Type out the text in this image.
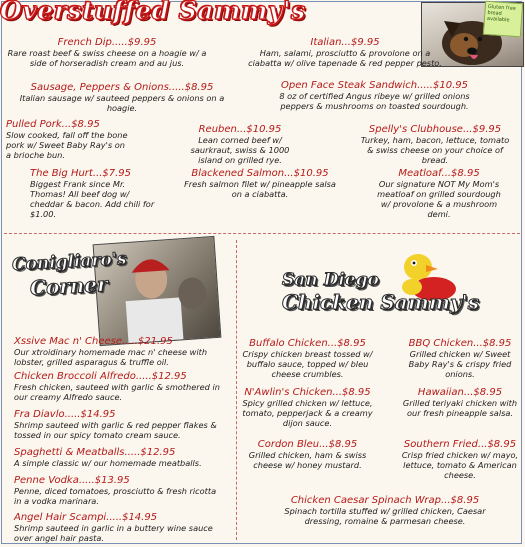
Overstuffed Sammy's	Gluten free bread available
French Dip.....$9.95
Rare roast beef & swiss cheese on a hoagie w/ a side of horseradish cream and au jus.
Italian...$9.95
Ham, salami, prosciutto & provolone on a ciabatta w/ olive tapenade & red pepper pesto.
Sausage, Peppers & Onions.....$8.95
Italian sausage w/ sauteed peppers & onions on a hoagie.
Open Face Steak Sandwich.....$10.95
8 oz of certified Angus ribeye w/ grilled onions peppers & mushrooms on toasted sourdough.
Pulled Pork...$8.95
Slow cooked, fall off the bone pork w/ Sweet Baby Ray's on a brioche bun.
Reuben...$10.95
Lean corned beef w/ saurkraut, swiss & 1000 island on grilled rye.
Spelly's Clubhouse...$9.95
Turkey, ham, bacon, lettuce, tomato & swiss cheese on your choice of bread.
The Big Hurt...$7.95
Biggest Frank since Mr. Thomas! All beef dog w/ cheddar & bacon. Add chili for $1.00.
Blackened Salmon...$10.95
Fresh salmon filet w/ pineapple salsa on a ciabatta.
Meatloaf...$8.95
Our signature NOT My Mom's meatloaf on grilled sourdough w/ provolone & a mushroom demi.
Conigliaro's
Corner
Xssive Mac n' Cheese.....$21.95
Our xtroidinary homemade mac n' cheese with lobster, grilled asparagus & truffle oil.
Chicken Broccoli Alfredo.....$12.95
Fresh chicken, sauteed with garlic & smothered in our creamy Alfredo sauce.
Fra Diavlo.....$14.95
Shrimp sauteed with garlic & red pepper flakes & tossed in our spicy tomato cream sauce.
Spaghetti & Meatballs.....$12.95
A simple classic w/ our homemade meatballs.
Penne Vodka.....$13.95
Penne, diced tomatoes, prosciutto & fresh ricotta in a vodka marinara.
Angel Hair Scampi.....$14.95
Shrimp sauteed in garlic in a buttery wine sauce over angel hair pasta.
San Diego
Chicken Sammy's
Buffalo Chicken...$8.95
Crispy chicken breast tossed w/ buffalo sauce, topped w/ bleu cheese crumbles.
BBQ Chicken...$8.95
Grilled chicken w/ Sweet Baby Ray's & crispy fried onions.
N'Awlin's Chicken...$8.95
Spicy grilled chicken w/ lettuce, tomato, pepperjack & a creamy dijon sauce.
Hawaiian...$8.95
Grilled teriyaki chicken with our fresh pineapple salsa.
Cordon Bleu...$8.95
Grilled chicken, ham & swiss cheese w/ honey mustard.
Southern Fried...$8.95
Crisp fried chicken w/ mayo, lettuce, tomato & American cheese.
Chicken Caesar Spinach Wrap...$8.95
Spinach tortilla stuffed w/ grilled chicken, Caesar dressing, romaine & parmesan cheese.
